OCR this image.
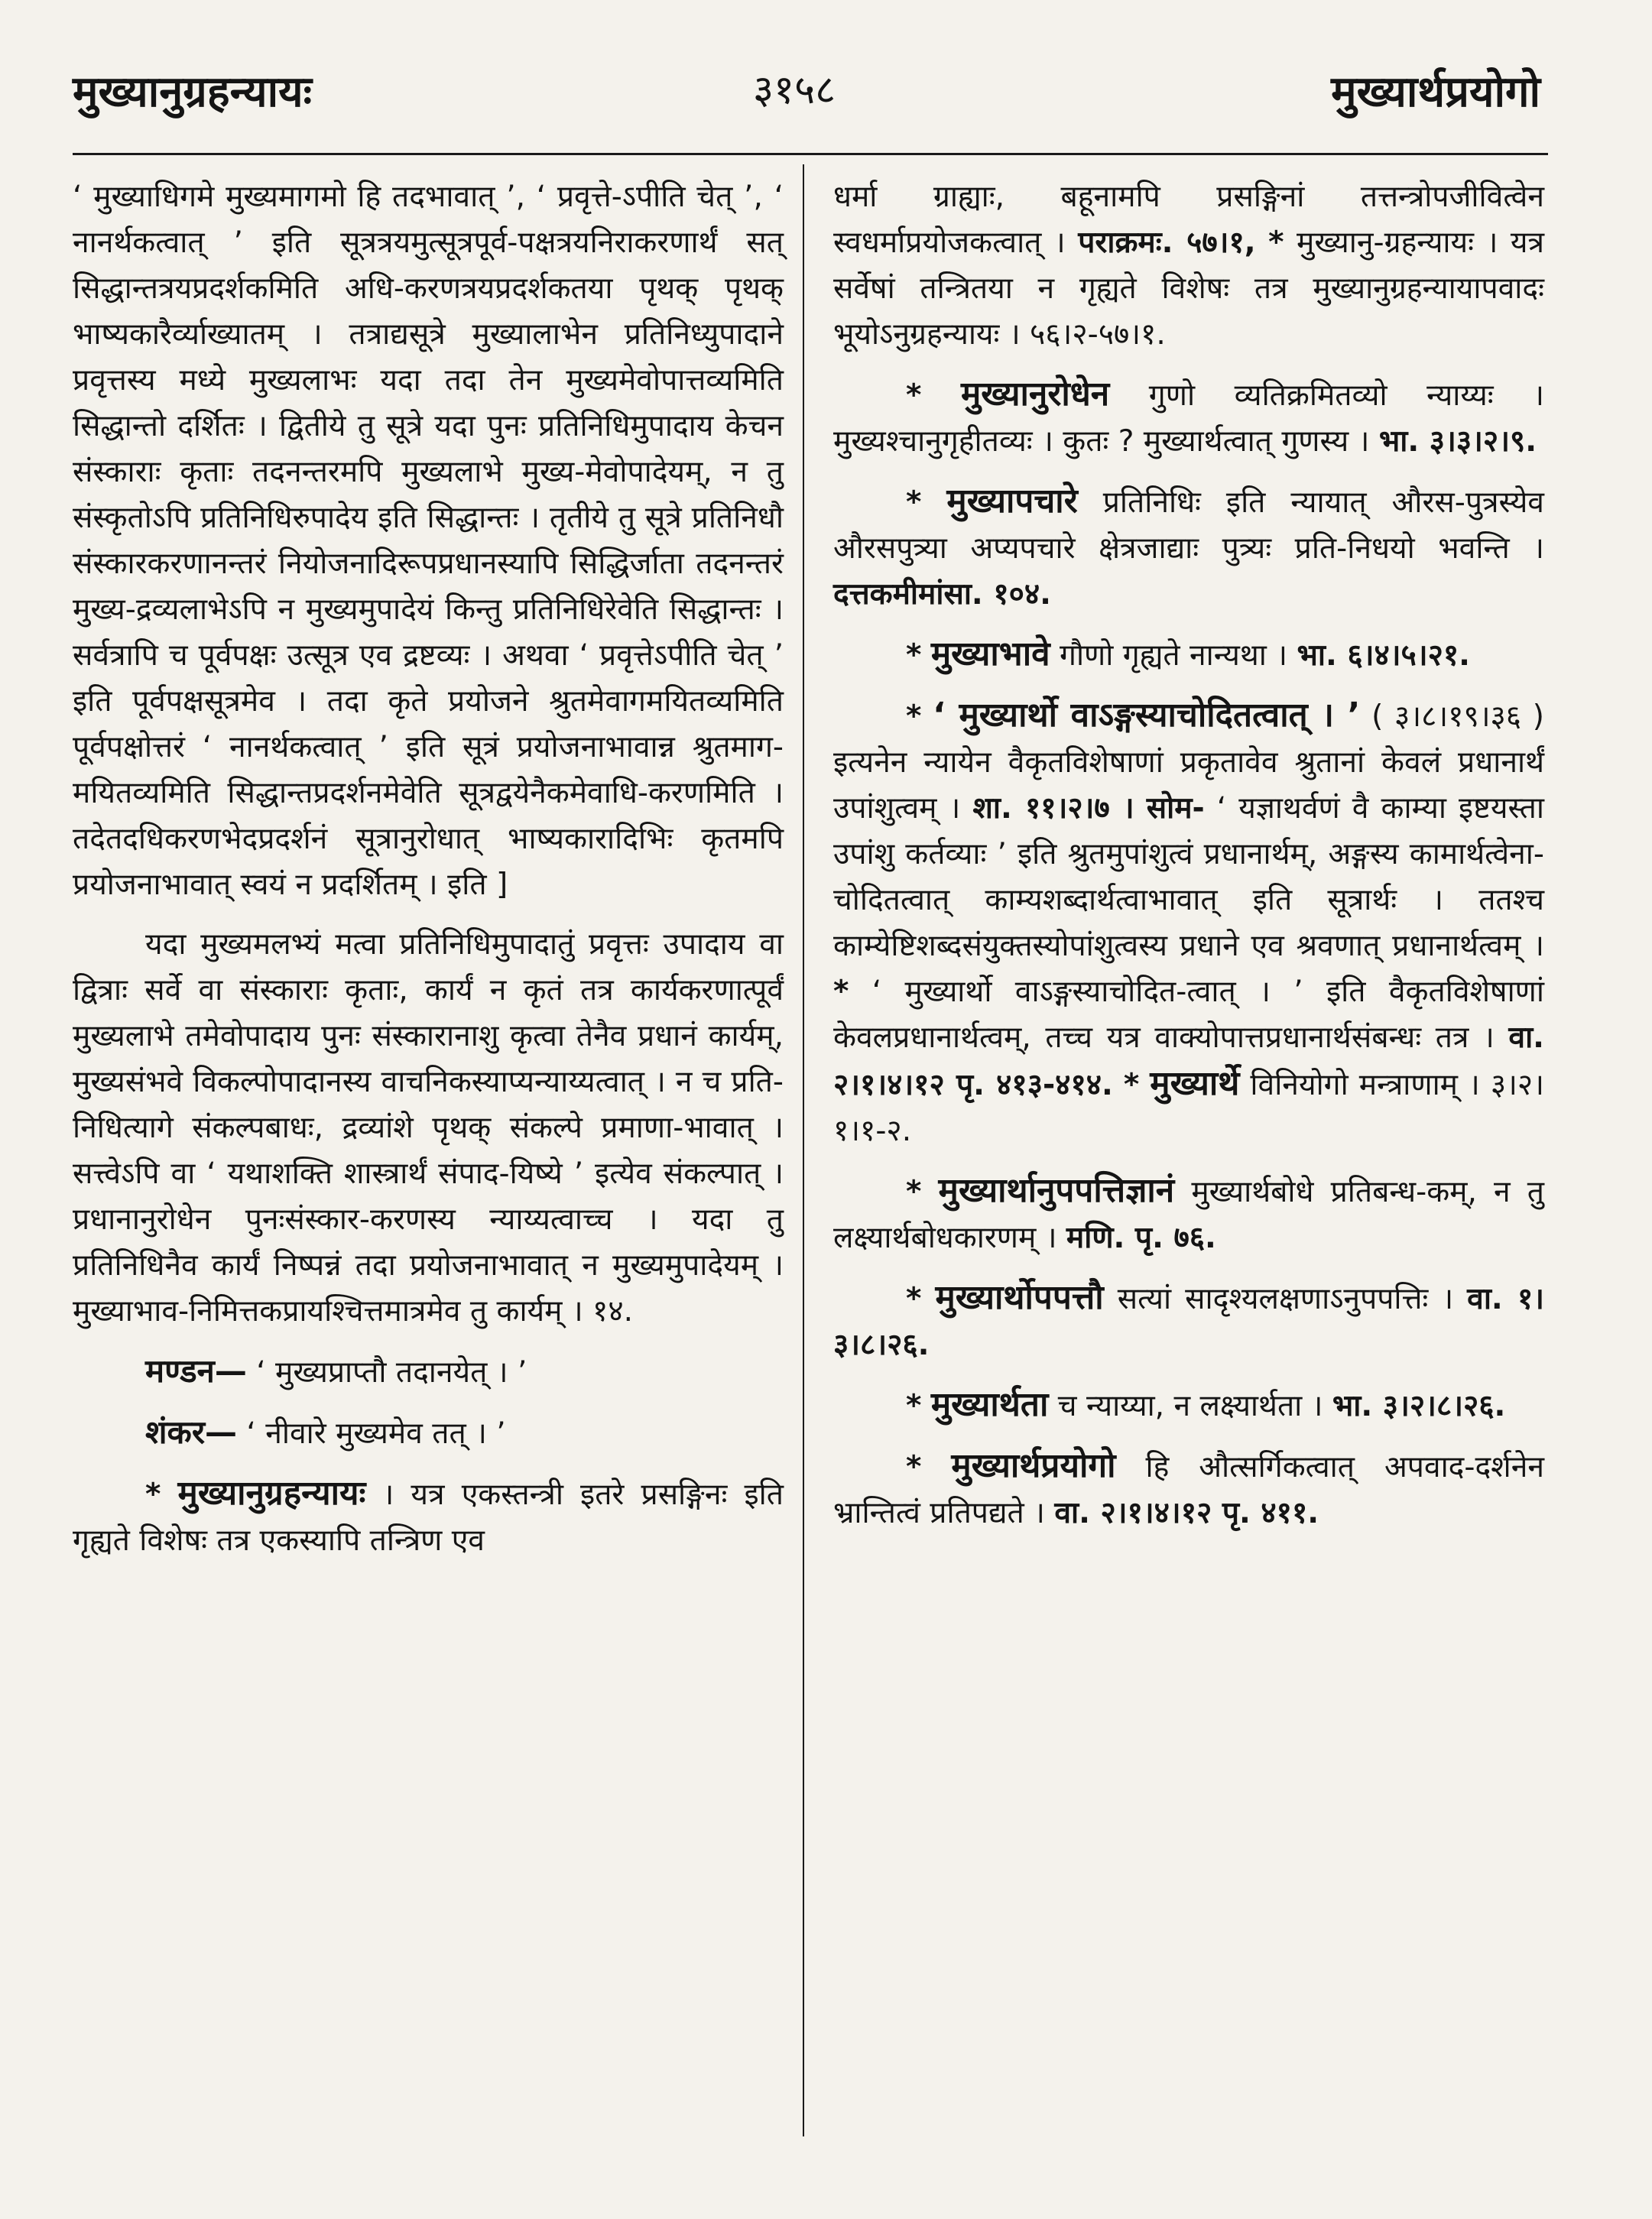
मुख्यानुग्रहन्यायः	३१५८	मुख्यार्थप्रयोगो

‘ मुख्याधिगमे मुख्यमागमो हि तदभावात् ’, ‘ प्रवृत्ते-ऽपीति चेत् ’, ‘ नानर्थकत्वात् ’ इति सूत्रत्रयमुत्सूत्रपूर्व-पक्षत्रयनिराकरणार्थं सत् सिद्धान्तत्रयप्रदर्शकमिति अधि-करणत्रयप्रदर्शकतया पृथक् पृथक् भाष्यकारैर्व्याख्यातम् । तत्राद्यसूत्रे मुख्यालाभेन प्रतिनिध्युपादाने प्रवृत्तस्य मध्ये मुख्यलाभः यदा तदा तेन मुख्यमेवोपात्तव्यमिति सिद्धान्तो दर्शितः । द्वितीये तु सूत्रे यदा पुनः प्रतिनिधिमुपादाय केचन संस्काराः कृताः तदनन्तरमपि मुख्यलाभे मुख्य-मेवोपादेयम्, न तु संस्कृतोऽपि प्रतिनिधिरुपादेय इति सिद्धान्तः । तृतीये तु सूत्रे प्रतिनिधौ संस्कारकरणानन्तरं नियोजनादिरूपप्रधानस्यापि सिद्धिर्जाता तदनन्तरं मुख्य-द्रव्यलाभेऽपि न मुख्यमुपादेयं किन्तु प्रतिनिधिरेवेति सिद्धान्तः । सर्वत्रापि च पूर्वपक्षः उत्सूत्र एव द्रष्टव्यः । अथवा ‘ प्रवृत्तेऽपीति चेत् ’ इति पूर्वपक्षसूत्रमेव । तदा कृते प्रयोजने श्रुतमेवागमयितव्यमिति पूर्वपक्षोत्तरं ‘ नानर्थकत्वात् ’ इति सूत्रं प्रयोजनाभावान्न श्रुतमाग-मयितव्यमिति सिद्धान्तप्रदर्शनमेवेति सूत्रद्वयेनैकमेवाधि-करणमिति । तदेतदधिकरणभेदप्रदर्शनं सूत्रानुरोधात् भाष्यकारादिभिः कृतमपि प्रयोजनाभावात् स्वयं न प्रदर्शितम् । इति ]

यदा मुख्यमलभ्यं मत्वा प्रतिनिधिमुपादातुं प्रवृत्तः उपादाय वा द्वित्राः सर्वे वा संस्काराः कृताः, कार्यं न कृतं तत्र कार्यकरणात्पूर्वं मुख्यलाभे तमेवोपादाय पुनः संस्कारानाशु कृत्वा तेनैव प्रधानं कार्यम्, मुख्यसंभवे विकल्पोपादानस्य वाचनिकस्याप्यन्याय्यत्वात् । न च प्रति-निधित्यागे संकल्पबाधः, द्रव्यांशे पृथक् संकल्पे प्रमाणा-भावात् । सत्त्वेऽपि वा ‘ यथाशक्ति शास्त्रार्थं संपाद-यिष्ये ’ इत्येव संकल्पात् । प्रधानानुरोधेन पुनःसंस्कार-करणस्य न्याय्यत्वाच्च । यदा तु प्रतिनिधिनैव कार्यं निष्पन्नं तदा प्रयोजनाभावात् न मुख्यमुपादेयम् । मुख्याभाव-निमित्तकप्रायश्चित्तमात्रमेव तु कार्यम् । १४.

मण्डन— ‘ मुख्यप्राप्तौ तदानयेत् । ’

शंकर— ‘ नीवारे मुख्यमेव तत् । ’

* मुख्यानुग्रहन्यायः । यत्र एकस्तन्त्री इतरे प्रसङ्गिनः इति गृह्यते विशेषः तत्र एकस्यापि तन्त्रिण एव

धर्मा ग्राह्याः, बहूनामपि प्रसङ्गिनां तत्तन्त्रोपजीवित्वेन स्वधर्माप्रयोजकत्वात् । पराक्रमः. ५७।१, * मुख्यानु-ग्रहन्यायः । यत्र सर्वेषां तन्त्रितया न गृह्यते विशेषः तत्र मुख्यानुग्रहन्यायापवादः भूयोऽनुग्रहन्यायः । ५६।२-५७।१.

* मुख्यानुरोधेन गुणो व्यतिक्रमितव्यो न्याय्यः । मुख्यश्चानुगृहीतव्यः । कुतः ? मुख्यार्थत्वात् गुणस्य । भा. ३।३।२।९.

* मुख्यापचारे प्रतिनिधिः इति न्यायात् औरस-पुत्रस्येव औरसपुत्र्या अप्यपचारे क्षेत्रजाद्याः पुत्र्यः प्रति-निधयो भवन्ति । दत्तकमीमांसा. १०४.

* मुख्याभावे गौणो गृह्यते नान्यथा । भा. ६।४।५।२१.

* ‘ मुख्यार्थो वाऽङ्गस्याचोदितत्वात् । ’ ( ३।८।१९।३६ ) इत्यनेन न्यायेन वैकृतविशेषाणां प्रकृतावेव श्रुतानां केवलं प्रधानार्थं उपांशुत्वम् । शा. ११।२।७ । सोम- ‘ यज्ञाथर्वणं वै काम्या इष्टयस्ता उपांशु कर्तव्याः ’ इति श्रुतमुपांशुत्वं प्रधानार्थम्, अङ्गस्य कामार्थत्वेना-चोदितत्वात् काम्यशब्दार्थत्वाभावात् इति सूत्रार्थः । ततश्च काम्येष्टिशब्दसंयुक्तस्योपांशुत्वस्य प्रधाने एव श्रवणात् प्रधानार्थत्वम् । * ‘ मुख्यार्थो वाऽङ्गस्याचोदित-त्वात् । ’ इति वैकृतविशेषाणां केवलप्रधानार्थत्वम्, तच्च यत्र वाक्योपात्तप्रधानार्थसंबन्धः तत्र । वा. २।१।४।१२ पृ. ४१३-४१४. * मुख्यार्थे विनियोगो मन्त्राणाम् । ३।२।१।१-२.

* मुख्यार्थानुपपत्तिज्ञानं मुख्यार्थबोधे प्रतिबन्ध-कम्, न तु लक्ष्यार्थबोधकारणम् । मणि. पृ. ७६.

* मुख्यार्थोपपत्तौ सत्यां सादृश्यलक्षणाऽनुपपत्तिः । वा. १।३।८।२६.

* मुख्यार्थता च न्याय्या, न लक्ष्यार्थता । भा. ३।२।८।२६.

* मुख्यार्थप्रयोगो हि औत्सर्गिकत्वात् अपवाद-दर्शनेन भ्रान्तित्वं प्रतिपद्यते । वा. २।१।४।१२ पृ. ४११.
